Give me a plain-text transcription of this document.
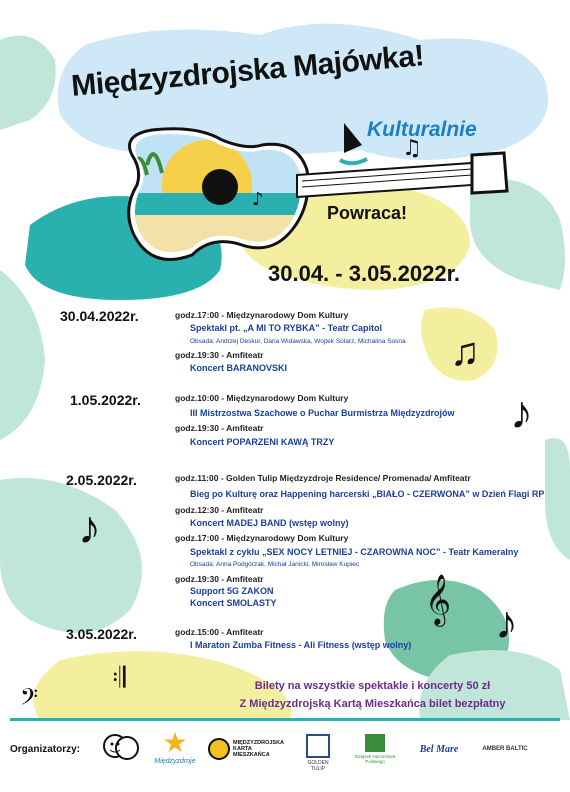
♫
♪
Międzyzdrojska Majówka!
Kulturalnie
Powraca!
30.04. - 3.05.2022r.
♫
♪
♪
𝄞 ♪
𝄇
𝄢
30.04.2022r.	godz.17:00 - Międzynarodowy Dom Kultury
Spektakl pt. „A MI TO RYBKA” - Teatr Capitol
Obsada: Andrzej Deskur, Daria Widawska, Wojtek Solarz, Michalina Sosna
godz.19:30 - Amfiteatr
Koncert BARANOVSKI
1.05.2022r.	godz.10:00 - Międzynarodowy Dom Kultury
III Mistrzostwa Szachowe o Puchar Burmistrza Międzyzdrojów
godz.19:30 - Amfiteatr
Koncert POPARZENI KAWĄ TRZY
2.05.2022r.	godz.11:00 - Golden Tulip Międzyzdroje Residence/ Promenada/ Amfiteatr
Bieg po Kulturę oraz Happening harcerski „BIAŁO - CZERWONA” w Dzień Flagi RP
godz.12:30 - Amfiteatr
Koncert MADEJ BAND (wstęp wolny)
godz.17:00 - Międzynarodowy Dom Kultury
Spektakl z cyklu „SEX NOCY LETNIEJ - CZAROWNA NOC” - Teatr Kameralny
Obsada: Anna Podgórzak, Michał Janicki, Mirosław Kupiec
godz.19:30 - Amfiteatr
Support 5G ZAKON
Koncert SMOLASTY
3.05.2022r.	godz.15:00 - Amfiteatr
I Maraton Zumba Fitness - Ali Fitness (wstęp wolny)
Bilety na wszystkie spektakle i koncerty 50 zł
Z Międzyzdrojską Kartą Mieszkańca bilet bezpłatny
Organizatorzy:	★
Międzyzdroje
MIĘDZYZDROJSKA KARTA MIESZKAŃCA
GOLDEN TULIP
Związek Harcerstwa Polskiego
Bel Mare	AMBER BALTIC
